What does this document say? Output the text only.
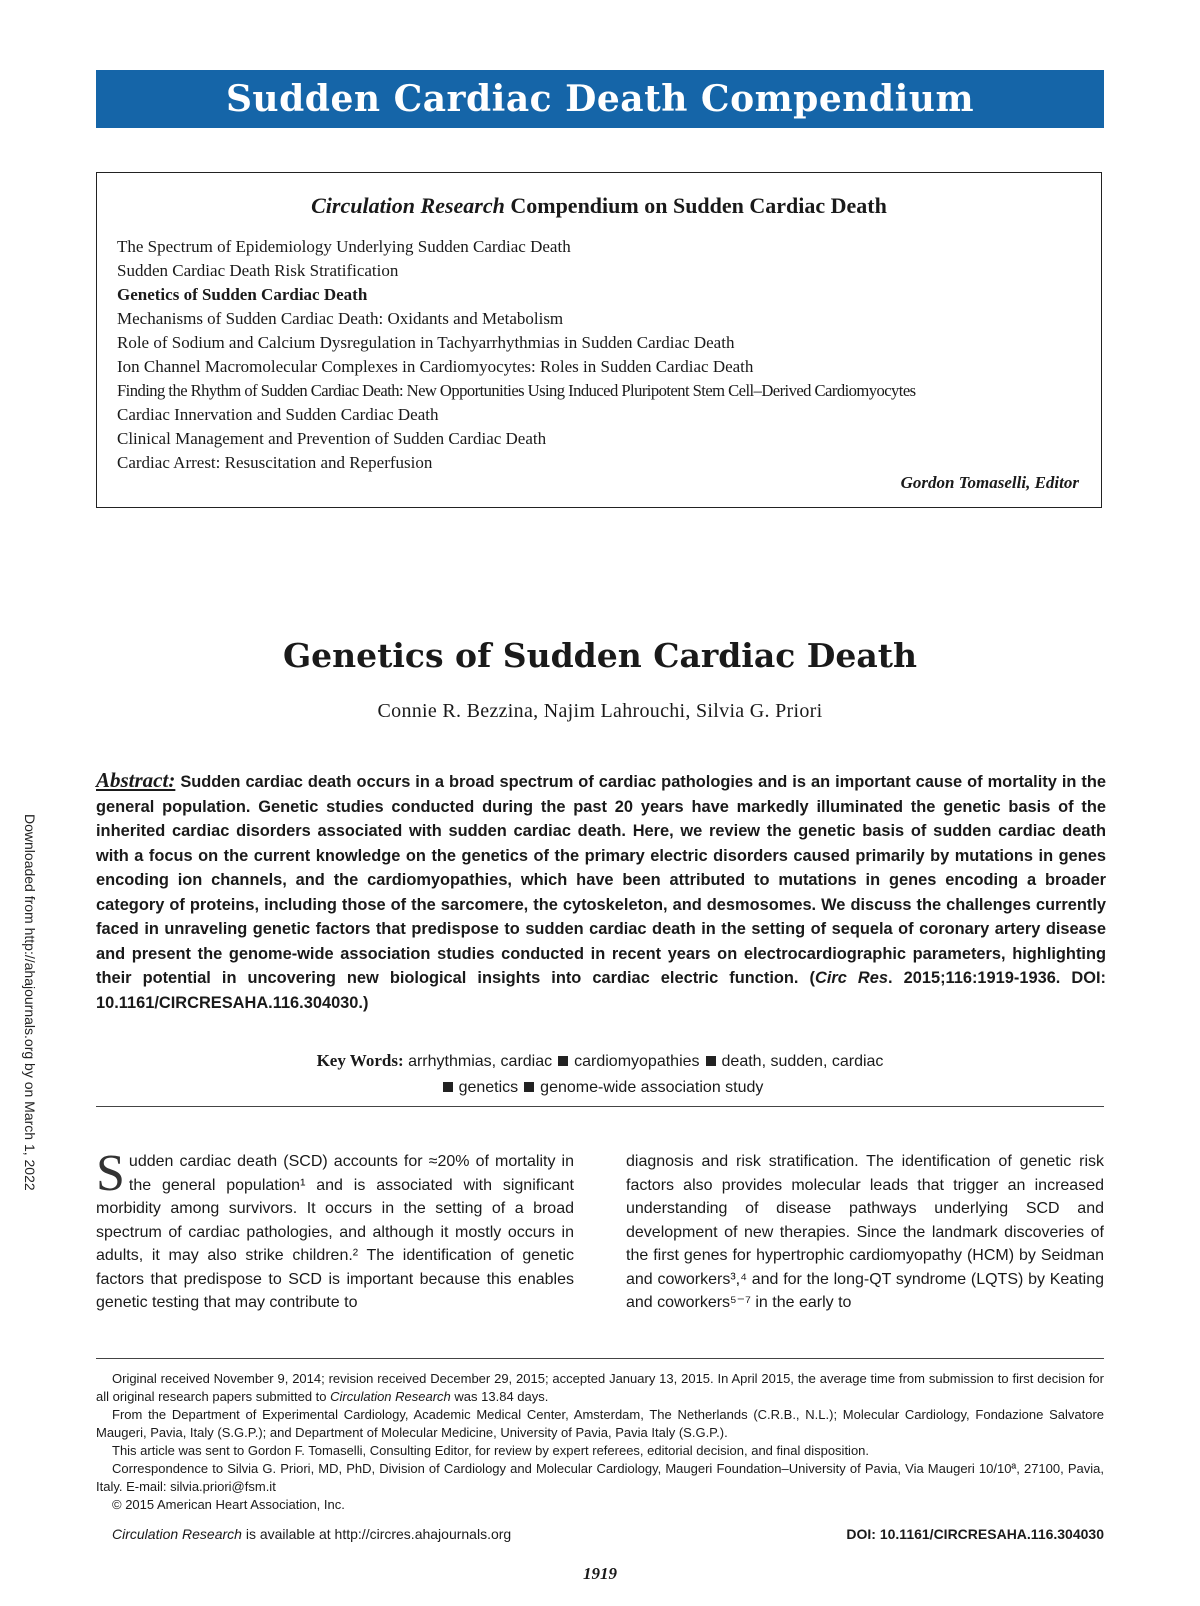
Sudden Cardiac Death Compendium
Circulation Research Compendium on Sudden Cardiac Death
The Spectrum of Epidemiology Underlying Sudden Cardiac Death
Sudden Cardiac Death Risk Stratification
Genetics of Sudden Cardiac Death
Mechanisms of Sudden Cardiac Death: Oxidants and Metabolism
Role of Sodium and Calcium Dysregulation in Tachyarrhythmias in Sudden Cardiac Death
Ion Channel Macromolecular Complexes in Cardiomyocytes: Roles in Sudden Cardiac Death
Finding the Rhythm of Sudden Cardiac Death: New Opportunities Using Induced Pluripotent Stem Cell–Derived Cardiomyocytes
Cardiac Innervation and Sudden Cardiac Death
Clinical Management and Prevention of Sudden Cardiac Death
Cardiac Arrest: Resuscitation and Reperfusion
Gordon Tomaselli, Editor
Downloaded from http://ahajournals.org by on March 1, 2022
Genetics of Sudden Cardiac Death
Connie R. Bezzina, Najim Lahrouchi, Silvia G. Priori
Abstract: Sudden cardiac death occurs in a broad spectrum of cardiac pathologies and is an important cause of mortality in the general population. Genetic studies conducted during the past 20 years have markedly illuminated the genetic basis of the inherited cardiac disorders associated with sudden cardiac death. Here, we review the genetic basis of sudden cardiac death with a focus on the current knowledge on the genetics of the primary electric disorders caused primarily by mutations in genes encoding ion channels, and the cardiomyopathies, which have been attributed to mutations in genes encoding a broader category of proteins, including those of the sarcomere, the cytoskeleton, and desmosomes. We discuss the challenges currently faced in unraveling genetic factors that predispose to sudden cardiac death in the setting of sequela of coronary artery disease and present the genome-wide association studies conducted in recent years on electrocardiographic parameters, highlighting their potential in uncovering new biological insights into cardiac electric function. (Circ Res. 2015;116:1919-1936. DOI: 10.1161/CIRCRESAHA.116.304030.)
Key Words: arrhythmias, cardiac cardiomyopathies death, sudden, cardiac
genetics genome-wide association study
Sudden cardiac death (SCD) accounts for ≈20% of mortality in the general population¹ and is associated with significant morbidity among survivors. It occurs in the setting of a broad spectrum of cardiac pathologies, and although it mostly occurs in adults, it may also strike children.² The identification of genetic factors that predispose to SCD is important because this enables genetic testing that may contribute to
diagnosis and risk stratification. The identification of genetic risk factors also provides molecular leads that trigger an increased understanding of disease pathways underlying SCD and development of new therapies. Since the landmark discoveries of the first genes for hypertrophic cardiomyopathy (HCM) by Seidman and coworkers³,⁴ and for the long-QT syndrome (LQTS) by Keating and coworkers⁵⁻⁷ in the early to

Original received November 9, 2014; revision received December 29, 2015; accepted January 13, 2015. In April 2015, the average time from submission to first decision for all original research papers submitted to Circulation Research was 13.84 days.

From the Department of Experimental Cardiology, Academic Medical Center, Amsterdam, The Netherlands (C.R.B., N.L.); Molecular Cardiology, Fondazione Salvatore Maugeri, Pavia, Italy (S.G.P.); and Department of Molecular Medicine, University of Pavia, Pavia Italy (S.G.P.).

This article was sent to Gordon F. Tomaselli, Consulting Editor, for review by expert referees, editorial decision, and final disposition.

Correspondence to Silvia G. Priori, MD, PhD, Division of Cardiology and Molecular Cardiology, Maugeri Foundation–University of Pavia, Via Maugeri 10/10ª, 27100, Pavia, Italy. E-mail: silvia.priori@fsm.it

© 2015 American Heart Association, Inc.

Circulation Research is available at http://circres.ahajournals.org	DOI: 10.1161/CIRCRESAHA.116.304030
1919
